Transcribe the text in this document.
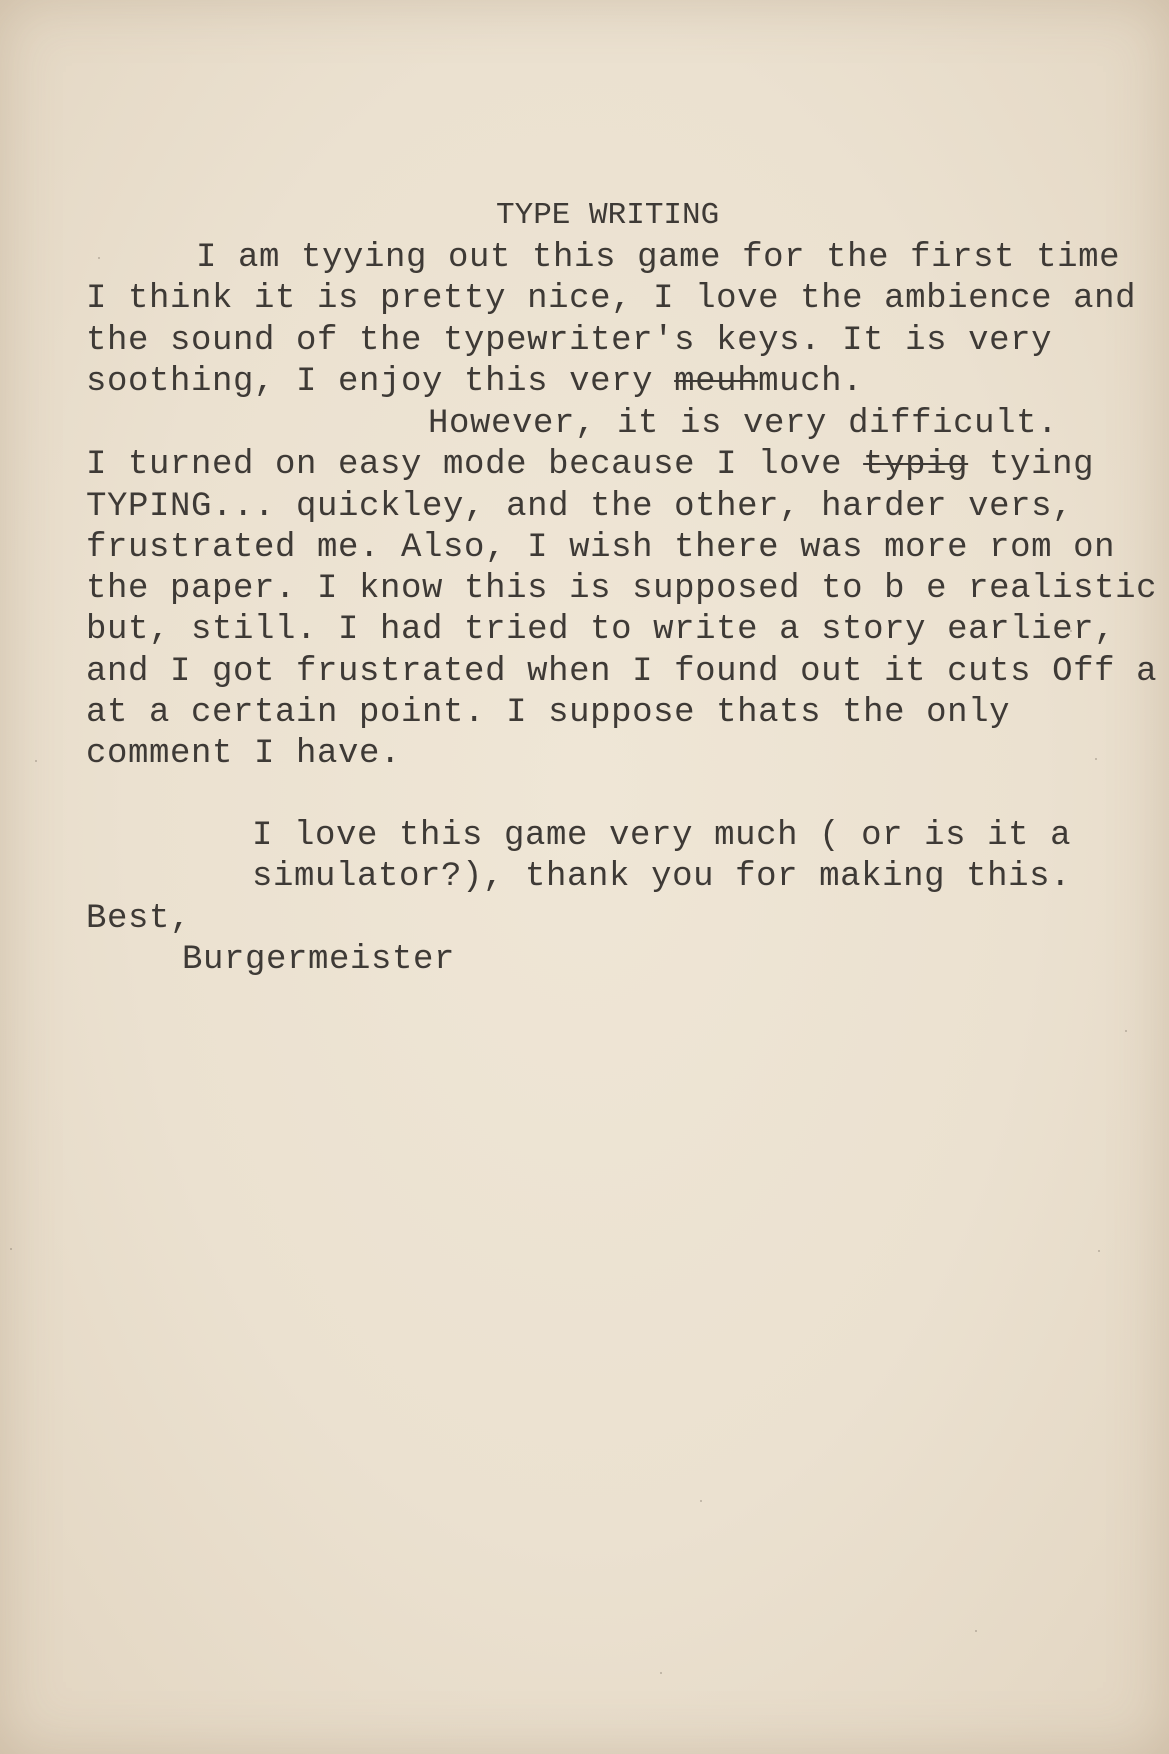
TYPE WRITING
I am tyying out this game for the first time
I think it is pretty nice, I love the ambience and
the sound of the typewriter's keys. It is very
soothing, I enjoy this very meuhmuch.
However, it is very difficult.
I turned on easy mode because I love typig tying
TYPING... quickley, and the other, harder vers,
frustrated me. Also, I wish there was more rom on
the paper. I know this is supposed to b e realistic
but, still. I had tried to write a story earlier,
and I got frustrated when I found out it cuts Off a
at a certain point. I suppose thats the only
comment I have.
I love this game very much ( or is it a
simulator?), thank you for making this.
Best,
Burgermeister
